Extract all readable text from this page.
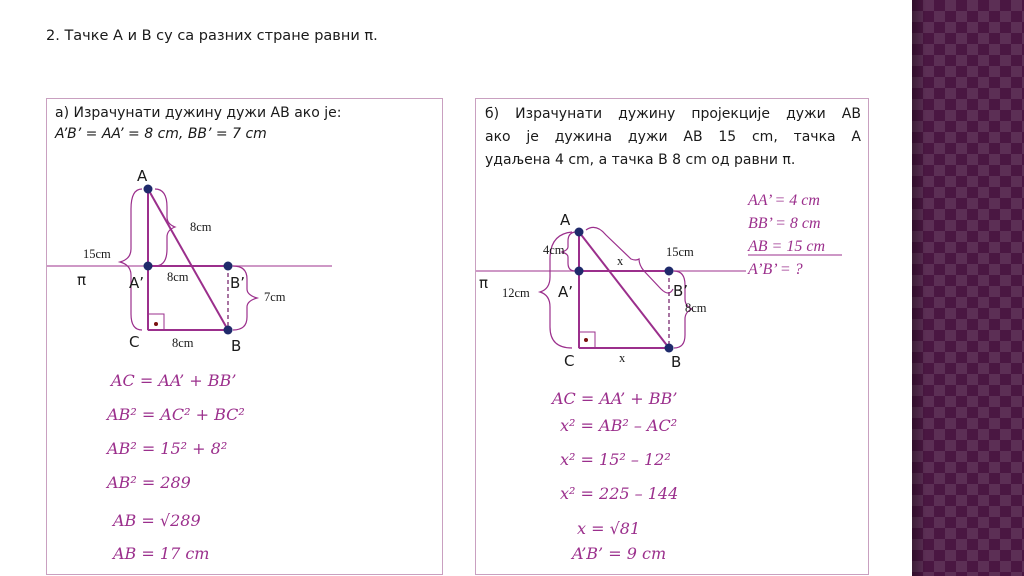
2. Тачке A и B су са разних стране равни π.
а) Израчунати дужину дужи AB ако је:
A’B’ = AA’ = 8 cm, BB’ = 7 cm
A
A’	B’
B
C
π
15cm
8cm
8cm
8cm
7cm
AC = AA’ + BB’
AB² = AC² + BC²
AB² = 15² + 8²
AB² = 289
AB = √289
AB = 17 cm
б) Израчунати дужину пројекције дужи AB
ако је дужина дужи AB 15 cm, тачка A
удаљена 4 cm, а тачка B 8 cm од равни π.
AA’ = 4 cm
BB’ = 8 cm
AB = 15 cm
A’B’ = ?
A
A’	B’
B
C
π
4cm
12cm
15cm
8cm
x
x
AC = AA’ + BB’
x² = AB² – AC²
x² = 15² – 12²
x² = 225 – 144
x = √81
A’B’ = 9 cm
